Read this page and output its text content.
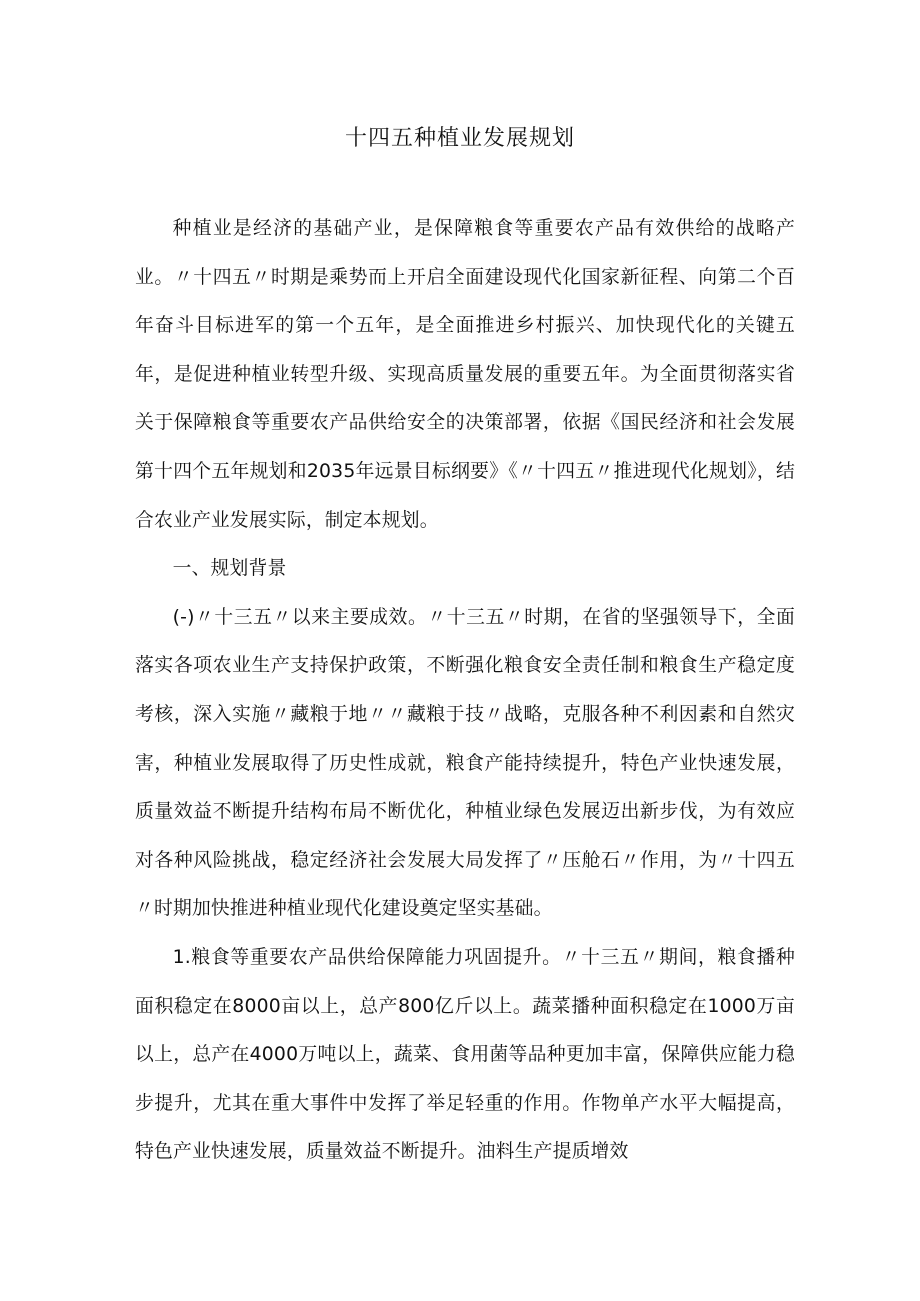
十四五种植业发展规划

种植业是经济的基础产业，是保障粮食等重要农产品有效供给的战略产业。〃十四五〃时期是乘势而上开启全面建设现代化国家新征程、向第二个百年奋斗目标进军的第一个五年，是全面推进乡村振兴、加快现代化的关键五年，是促进种植业转型升级、实现高质量发展的重要五年。为全面贯彻落实省关于保障粮食等重要农产品供给安全的决策部署，依据《国民经济和社会发展第十四个五年规划和2035年远景目标纲要》《〃十四五〃推进现代化规划》，结合农业产业发展实际，制定本规划。

一、规划背景

(-)〃十三五〃以来主要成效。〃十三五〃时期，在省的坚强领导下，全面落实各项农业生产支持保护政策，不断强化粮食安全责任制和粮食生产稳定度考核，深入实施〃藏粮于地〃〃藏粮于技〃战略，克服各种不利因素和自然灾害，种植业发展取得了历史性成就，粮食产能持续提升，特色产业快速发展，质量效益不断提升结构布局不断优化，种植业绿色发展迈出新步伐，为有效应对各种风险挑战，稳定经济社会发展大局发挥了〃压舱石〃作用，为〃十四五〃时期加快推进种植业现代化建设奠定坚实基础。

1.粮食等重要农产品供给保障能力巩固提升。〃十三五〃期间，粮食播种面积稳定在8000亩以上，总产800亿斤以上。蔬菜播种面积稳定在1000万亩以上，总产在4000万吨以上，蔬菜、食用菌等品种更加丰富，保障供应能力稳步提升，尤其在重大事件中发挥了举足轻重的作用。作物单产水平大幅提高，特色产业快速发展，质量效益不断提升。油料生产提质增效
